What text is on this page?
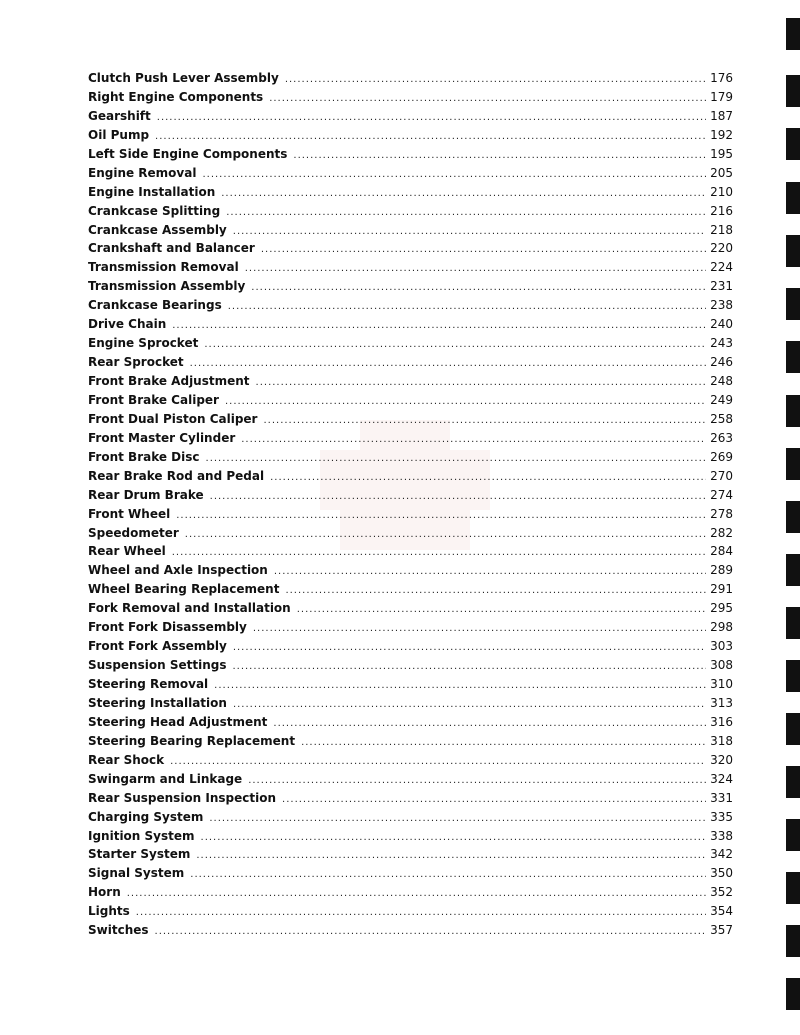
Clutch Push Lever Assembly .....	176
Right Engine Components .....	179
Gearshift .....	187
Oil Pump .....	192
Left Side Engine Components .....	195
Engine Removal .....	205
Engine Installation .....	210
Crankcase Splitting .....	216
Crankcase Assembly .....	218
Crankshaft and Balancer .....	220
Transmission Removal .....	224
Transmission Assembly .....	231
Crankcase Bearings .....	238
Drive Chain .....	240
Engine Sprocket .....	243
Rear Sprocket .....	246
Front Brake Adjustment .....	248
Front Brake Caliper .....	249
Front Dual Piston Caliper .....	258
Front Master Cylinder .....	263
Front Brake Disc .....	269
Rear Brake Rod and Pedal .....	270
Rear Drum Brake .....	274
Front Wheel .....	278
Speedometer .....	282
Rear Wheel .....	284
Wheel and Axle Inspection .....	289
Wheel Bearing Replacement .....	291
Fork Removal and Installation .....	295
Front Fork Disassembly .....	298
Front Fork Assembly .....	303
Suspension Settings .....	308
Steering Removal .....	310
Steering Installation .....	313
Steering Head Adjustment .....	316
Steering Bearing Replacement .....	318
Rear Shock .....	320
Swingarm and Linkage .....	324
Rear Suspension Inspection .....	331
Charging System .....	335
Ignition System .....	338
Starter System .....	342
Signal System .....	350
Horn .....	352
Lights .....	354
Switches .....	357
